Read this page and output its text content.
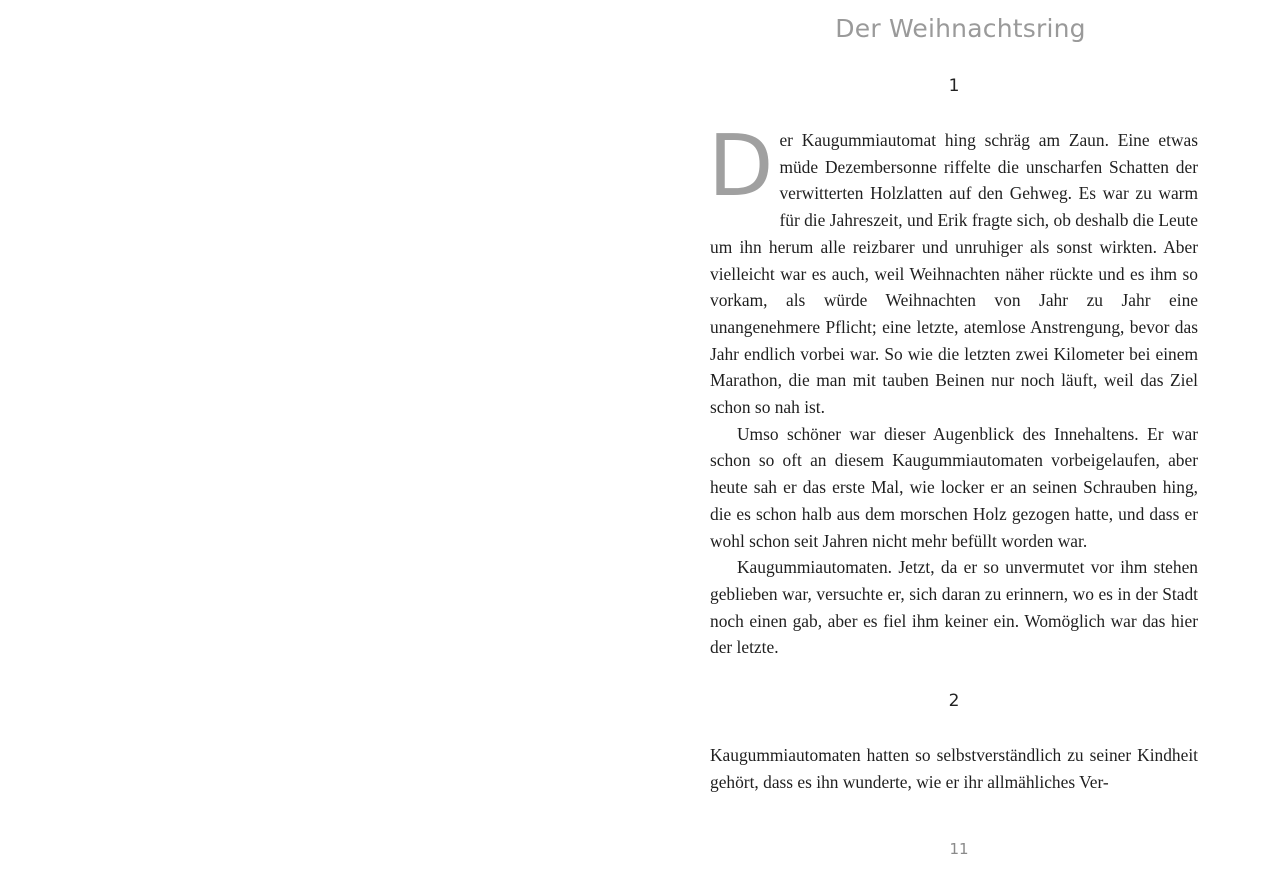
Der Weihnachtsring
1

Der Kaugummiautomat hing schräg am Zaun. Eine etwas müde Dezembersonne riffelte die unscharfen Schatten der verwitterten Holzlatten auf den Gehweg. Es war zu warm für die Jahreszeit, und Erik fragte sich, ob deshalb die Leute um ihn herum alle reizbarer und unruhiger als sonst wirkten. Aber vielleicht war es auch, weil Weihnachten näher rückte und es ihm so vorkam, als würde Weihnachten von Jahr zu Jahr eine unangenehmere Pflicht; eine letzte, atemlose Anstrengung, bevor das Jahr endlich vorbei war. So wie die letzten zwei Kilometer bei einem Marathon, die man mit tauben Beinen nur noch läuft, weil das Ziel schon so nah ist.

Umso schöner war dieser Augenblick des Innehaltens. Er war schon so oft an diesem Kaugummiautomaten vorbeigelaufen, aber heute sah er das erste Mal, wie locker er an seinen Schrauben hing, die es schon halb aus dem morschen Holz gezogen hatte, und dass er wohl schon seit Jahren nicht mehr befüllt worden war.

Kaugummiautomaten. Jetzt, da er so unvermutet vor ihm stehen geblieben war, versuchte er, sich daran zu erinnern, wo es in der Stadt noch einen gab, aber es fiel ihm keiner ein. Womöglich war das hier der letzte.

2

Kaugummiautomaten hatten so selbstverständlich zu seiner Kindheit gehört, dass es ihn wunderte, wie er ihr allmähliches Ver-

11
